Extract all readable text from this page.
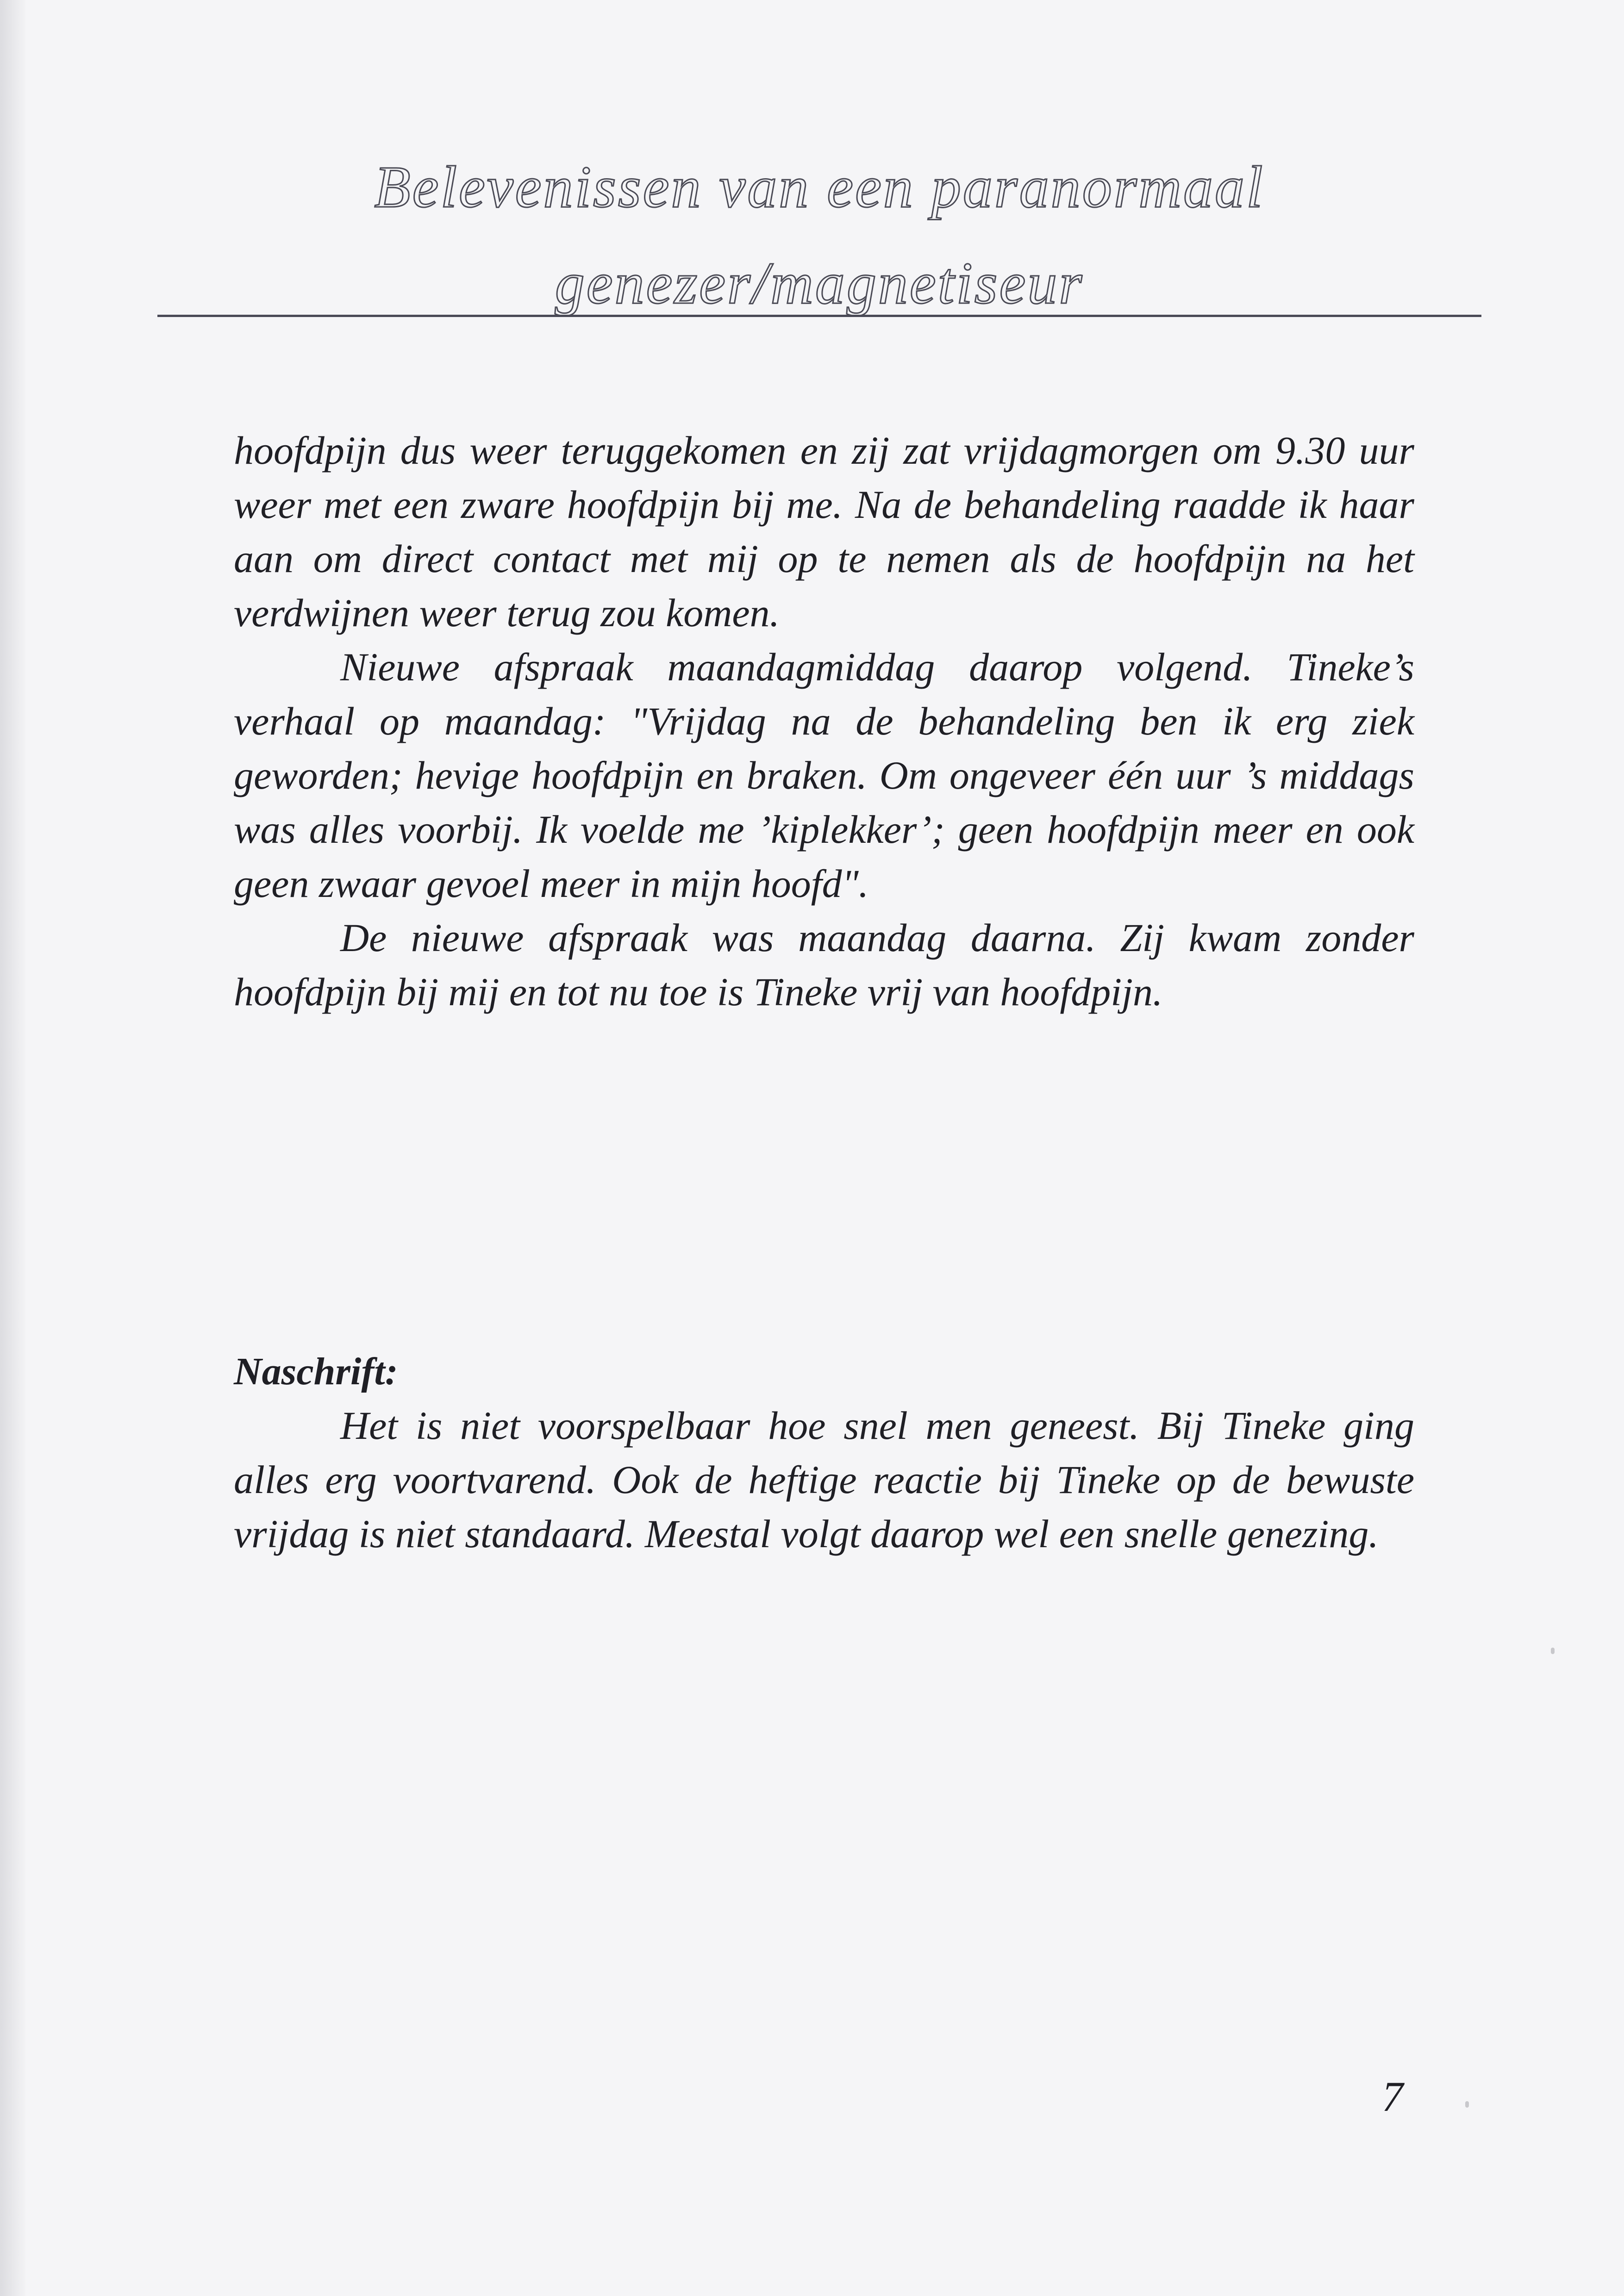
Belevenissen van een paranormaal
genezer/magnetiseur

hoofdpijn dus weer teruggekomen en zij zat vrijdagmorgen om 9.30 uur weer met een zware hoofdpijn bij me. Na de behandeling raadde ik haar aan om direct contact met mij op te nemen als de hoofdpijn na het verdwijnen weer terug zou komen.

Nieuwe afspraak maandagmiddag daarop volgend. Tineke’s verhaal op maandag: "Vrijdag na de behandeling ben ik erg ziek geworden; hevige hoofdpijn en braken. Om ongeveer één uur ’s middags was alles voorbij. Ik voelde me ’kiplekker’; geen hoofdpijn meer en ook geen zwaar gevoel meer in mijn hoofd".

De nieuwe afspraak was maandag daarna. Zij kwam zonder hoofdpijn bij mij en tot nu toe is Tineke vrij van hoofdpijn.

Naschrift:

Het is niet voorspelbaar hoe snel men geneest. Bij Tineke ging alles erg voortvarend. Ook de heftige reactie bij Tineke op de bewuste vrijdag is niet standaard. Meestal volgt daarop wel een snelle genezing.

7
